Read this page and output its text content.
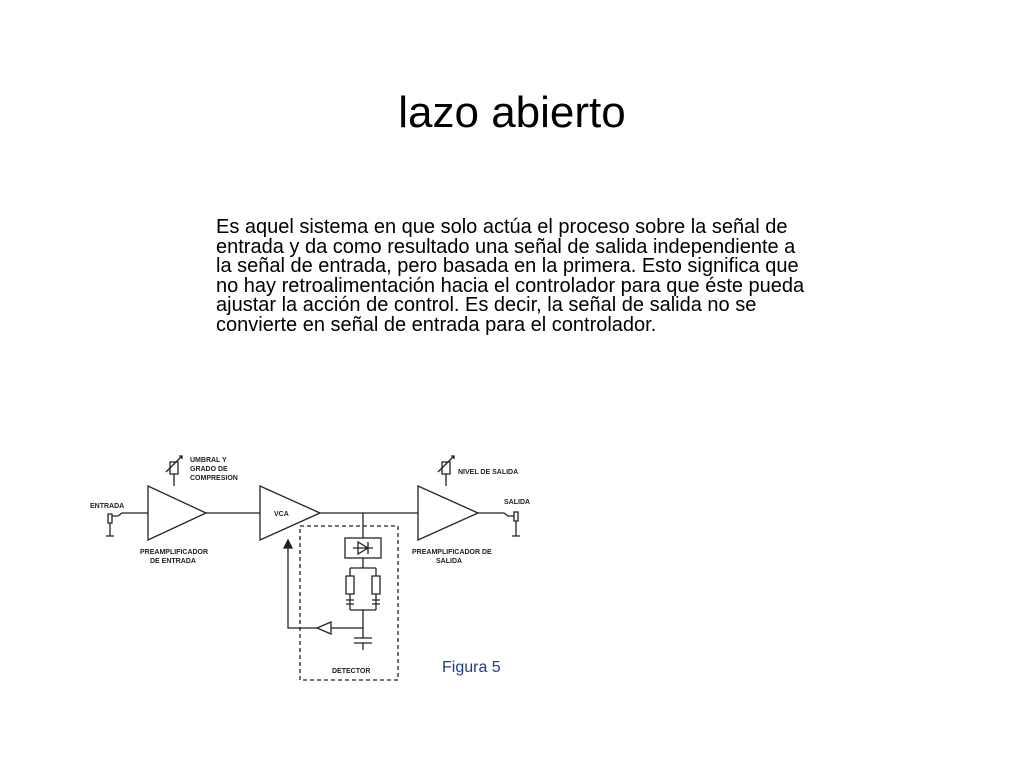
lazo abierto
Es aquel sistema en que solo actúa el proceso sobre la señal de entrada y da como resultado una señal de salida independiente a la señal de entrada, pero basada en la primera. Esto significa que no hay retroalimentación hacia el controlador para que éste pueda ajustar la acción de control. Es decir, la señal de salida no se convierte en señal de entrada para el controlador.
ENTRADA
UMBRAL Y
GRADO DE
COMPRESION
VCA
NIVEL DE SALIDA
SALIDA
PREAMPLIFICADOR
DE ENTRADA
PREAMPLIFICADOR DE
SALIDA
DETECTOR	Figura 5
